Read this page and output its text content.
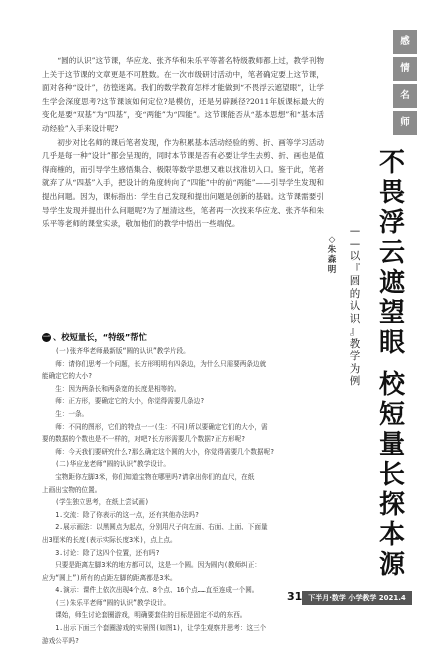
感
情
名
师
不
畏
浮
云
遮
望
眼
校
短
量
长
探
本
源
—
—
以
『
圆
的
认
识
』
教
学
为
例
◇
朱
森
明

“圆的认识”这节课，华应龙、张齐华和朱乐平等著名特级教师都上过，教学刊物上关于这节课的文章更是不可胜数。在一次市级研讨活动中，笔者确定要上这节课，面对各种“设计”，彷徨迷离。我们的数学教育怎样才能做到“不畏浮云遮望眼”，让学生学会深度思考?这节课该如何定位?是模仿，还是另辟蹊径?2011年版课标最大的变化是要“双基”为“四基”，变“两能”为“四能”。这节课能否从“基本思想”和“基本活动经验”入手来设计呢?

初步对比名师的课后笔者发现，作为积累基本活动经验的剪、折、画等学习活动几乎是每一种“设计”都会呈现的，同时本节课是否有必要让学生去剪、折、画也是值得商榷的，而引导学生感悟集合、极限等数学思想又难以找准切入口。鉴于此，笔者就弃了从“四基”入手，把设计的角度转向了“四能”中的前“两能”——引导学生发现和提出问题。因为，课标指出：学生自己发现和提出问题是创新的基础。这节课需要引导学生发现并提出什么问题呢?为了厘清这些，笔者再一次找来华应龙、张齐华和朱乐平等老师的课堂实录，敬加他们的教学中悟出一些端倪。

一 、校短量长，“特级”帮忙
(一)张齐华老师最新版“圆的认识”教学片段。
师：请你们思考一个问题，长方形明明有四条边，为什么只需要两条边就
能确定它的大小?
生：因为两条长和两条宽的长度是相等的。
师：正方形，要确定它的大小，你觉得需要几条边?
生：一条。
师：不同的图形，它们的特点一一(生：不同)所以要确定它们的大小，需
要的数据的个数也是不一样的，对吧?长方形需要几个数据?正方形呢?
师：今天我们要研究什么?那么确定这个圆的大小，你觉得需要几个数据呢?
(二)华应龙老师“圆的认识”教学设计。
宝物距你左脚3米，你们知道宝物在哪里吗?请拿出你们的直尺，在纸
上画出宝物的位置。
(学生独立思考，在纸上尝试画)
1.交流：除了你表示的这一点，还有其他办法吗?
2.展示画法：以黑圆点为起点，分别用尺子向左面、右面、上面、下面量
出3厘米的长度(表示实际长度3米)，点上点。
3.讨论：除了这四个位置，还有吗?
只要是距离左脚3米的地方都可以，这是一个圆。因为圆内(教师纠正：
应为“圆上”)所有的点距左脚的距离都是3米。
4.演示：课件上依次出现4个点、8个点、16个点……直至连成一个圆。
(三)朱乐平老师“圆的认识”教学设计。
课始，师生讨论套圈游戏，明确要套住的目标是固定不动的东西。
1.出示下面三个套圈游戏的实景图(如图1)，让学生观察并思考：这三个
游戏公平吗?
31 下半月·数学 小学教学 2021.4
